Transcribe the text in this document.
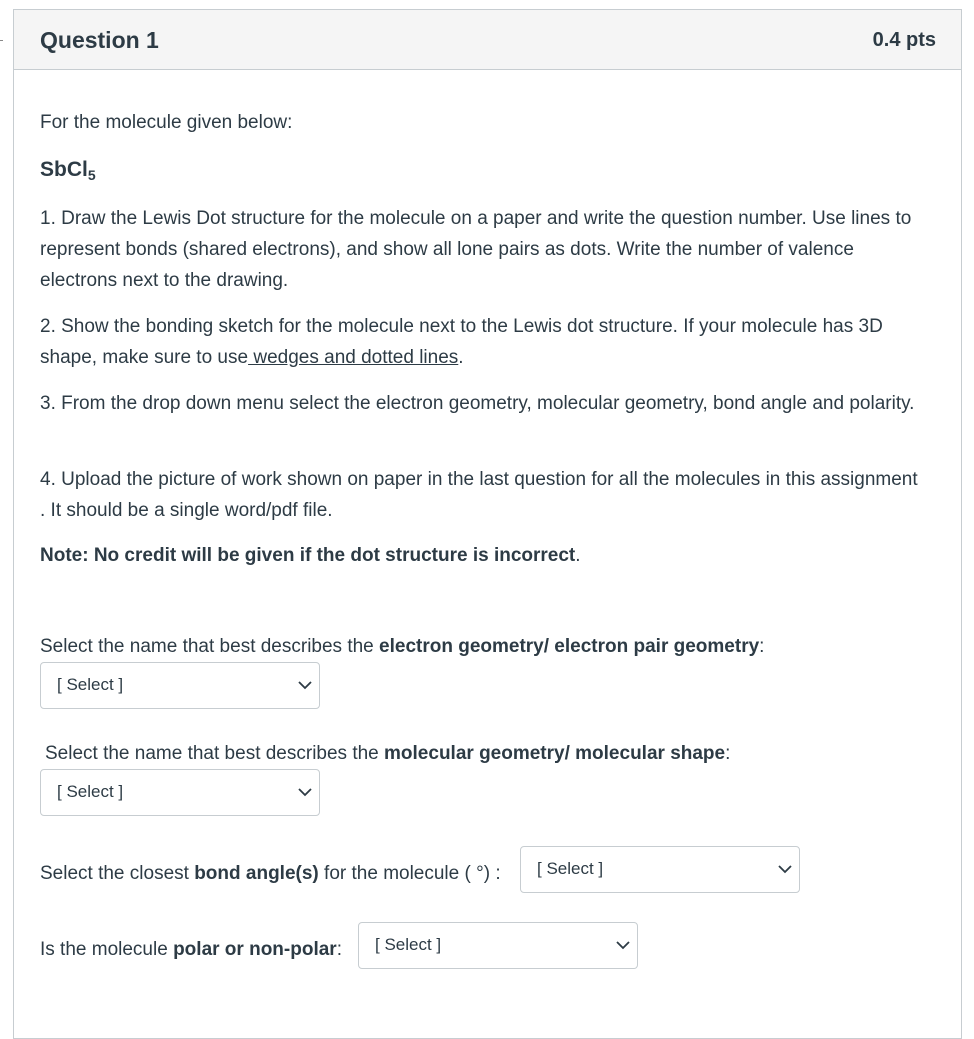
Question 1	0.4 pts
For the molecule given below:
SbCl$_5$
1. Draw the Lewis Dot structure for the molecule on a paper and write the question number. Use lines to represent bonds (shared electrons), and show all lone pairs as dots. Write the number of valence electrons next to the drawing.
2. Show the bonding sketch for the molecule next to the Lewis dot structure. If your molecule has 3D shape, make sure to use wedges and dotted lines.
3. From the drop down menu select the electron geometry, molecular geometry, bond angle and polarity.
4. Upload the picture of work shown on paper in the last question for all the molecules in this assignment . It should be a single word/pdf file.
Note: No credit will be given if the dot structure is incorrect.
Select the name that best describes the electron geometry/ electron pair geometry:
[ Select ]
Select the name that best describes the molecular geometry/ molecular shape:
[ Select ]
Select the closest bond angle(s) for the molecule ( °) : [ Select ]
Is the molecule polar or non-polar: [ Select ]
